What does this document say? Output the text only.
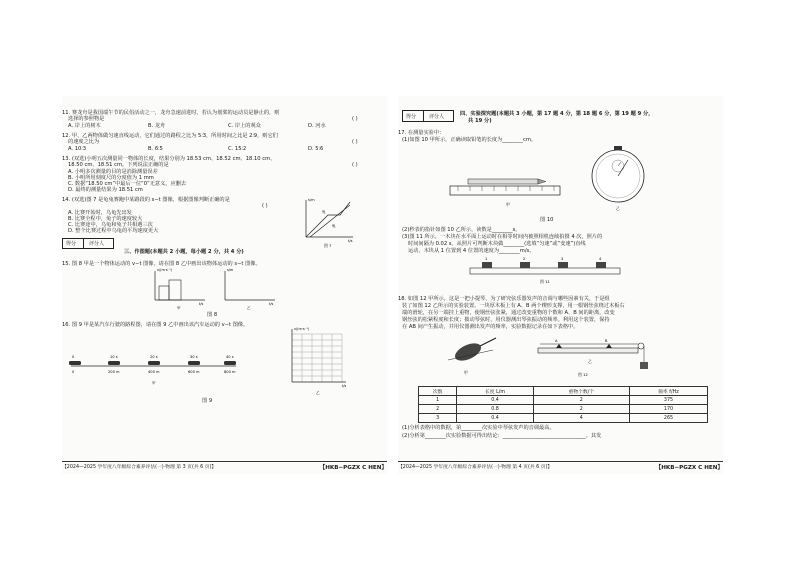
11. 赛龙舟是我国端午节的民俗活动之一，龙舟急速前进时，若认为划桨的运动员是静止的，则
选择的参照物是	( )
A. 岸上的树木	B. 龙舟	C. 岸上的观众	D. 河水
12. 甲、乙两物体做匀速直线运动，它们通过的路程之比为 5∶3，所用时间之比是 2∶9，则它们
的速度之比为	( )
A. 10∶3	B. 6∶5	C. 15∶2	D. 5∶6
13. (双选)小明五次测量同一物体的长度，结果分别为 18.53 cm、18.52 cm、18.10 cm、
18.50 cm、18.51 cm。下列说法正确的是	( )
A. 小明多次测量的目的是消除测量误差
B. 小明所用刻度尺的分度值为 1 mm
C. 数据“18.50 cm”中最后一位“0”无意义，应删去
D. 最终的测量结果为 18.51 cm
14. (双选)图 7 是龟兔赛跑中某路段的 s−t 图像，根据图像判断正确的是
( )
A. 比赛开始时，乌龟先出发
B. 比赛全程中，兔子的速度较大
C. 比赛途中，乌龟和兔子共相遇三次
D. 整个比赛过程中乌龟的平均速度更大
s/m
t/s
龟
兔
图 7
得分	评分人
三、作图题(本题共 2 小题，每小题 2 分，共 4 分)
15. 图 8 甲是一个物体运动的 v−t 图像，请在图 8 乙中画出该物体运动的 s−t 图像。
v/(m·s⁻¹)
t/s
甲
s/m
t/s
乙
图 8
16. 图 9 甲是某汽车行驶的路程图，请在图 9 乙中画出该汽车运动的 v−t 图像。
0	10 s	20 s	30 s	40 s
0	200 m	400 m	600 m	800 m
甲
v/(m·s⁻¹)
t/s
乙
图 9
【2024—2025 学年度八年级综合素养评估(一)·物理 第 3 页(共 6 页)】	【HKB−PGZX C HEN】
得分	评分人	四、实验探究题(本题共 3 小题，第 17 题 4 分，第 18 题 6 分，第 19 题 9 分，
共 19 分)
17. 在测量实验中：
(1)如图 10 甲所示，正确读取铅笔的长度为________cm。
甲
乙
图 10
(2)秒表的指针如图 10 乙所示，读数是________s。
(3)图 11 所示，一木块在水平面上运动时在相等时间内被照相机连续拍摄 4 次，照片的
时间间隔为 0.02 s。从照片可判断木块做________(选填“匀速”或“变速”)直线
运动，木块从 1 位置到 4 位置的速度为________m/s。
1	2	3	4
图 11
18. 如图 12 甲所示，这是一把小提琴，为了研究弦乐器发声的音调与哪些因素有关，于是组
装了如图 12 乙所示的实验装置。一块厚木板上有 A、B 两个楔形支撑，用一根钢丝弦绕过木板右
端的滑轮，在另一端挂上重物，使钢丝弦张紧，通过改变重物的个数和 A、B 间的距离，改变
钢丝弦的松紧程度和长度；拨动琴弦时，用仪器测出琴弦振动的频率。利用这个装置，保持
在 AB 间产生振动，并用仪器测出发声的频率，实验数据记录在如下表格中。
甲
A	B
乙
图 12
次数	长度 L/m	重物个数/个	频率 f/Hz
1	0.4	2	375
2	0.8	2	170
3	0.4	4	265
(1)分析表格中的数据，第________次实验中琴弦发声的音调最高。
(2)分析第________次实验数据可得出结论：________________________________。其发
【2024—2025 学年度八年级综合素养评估(一)·物理 第 4 页(共 6 页)】	【HKB−PGZX C HEN】
